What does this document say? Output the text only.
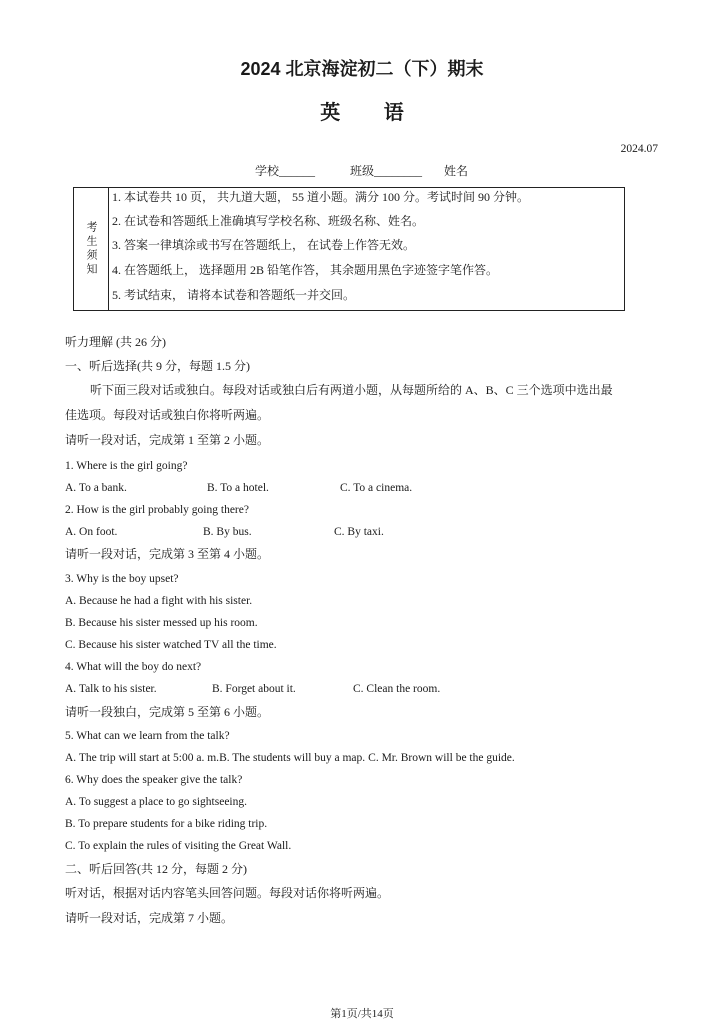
2024 北京海淀初二（下）期末
英 语
2024.07
学校______	班级________ 姓名
考生须知
1. 本试卷共 10 页， 共九道大题， 55 道小题。满分 100 分。考试时间 90 分钟。
2. 在试卷和答题纸上准确填写学校名称、班级名称、姓名。
3. 答案一律填涂或书写在答题纸上， 在试卷上作答无效。
4. 在答题纸上， 选择题用 2B 铅笔作答， 其余题用黑色字迹签字笔作答。
5. 考试结束， 请将本试卷和答题纸一并交回。
听力理解 (共 26 分)
一、听后选择(共 9 分，每题 1.5 分)
听下面三段对话或独白。每段对话或独白后有两道小题，从每题所给的 A、B、C 三个选项中选出最
佳选项。每段对话或独白你将听两遍。
请听一段对话，完成第 1 至第 2 小题。
1. Where is the girl going?
A. To a bank.	B. To a hotel.	C. To a cinema.
2. How is the girl probably going there?
A. On foot.	B. By bus.	C. By taxi.
请听一段对话，完成第 3 至第 4 小题。
3. Why is the boy upset?
A. Because he had a fight with his sister.
B. Because his sister messed up his room.
C. Because his sister watched TV all the time.
4. What will the boy do next?
A. Talk to his sister.	B. Forget about it.	C. Clean the room.
请听一段独白，完成第 5 至第 6 小题。
5. What can we learn from the talk?
A. The trip will start at 5:00 a. m.B. The students will buy a map. C. Mr. Brown will be the guide.
6. Why does the speaker give the talk?
A. To suggest a place to go sightseeing.
B. To prepare students for a bike riding trip.
C. To explain the rules of visiting the Great Wall.
二、听后回答(共 12 分，每题 2 分)
听对话，根据对话内容笔头回答问题。每段对话你将听两遍。
请听一段对话，完成第 7 小题。
第1页/共14页
